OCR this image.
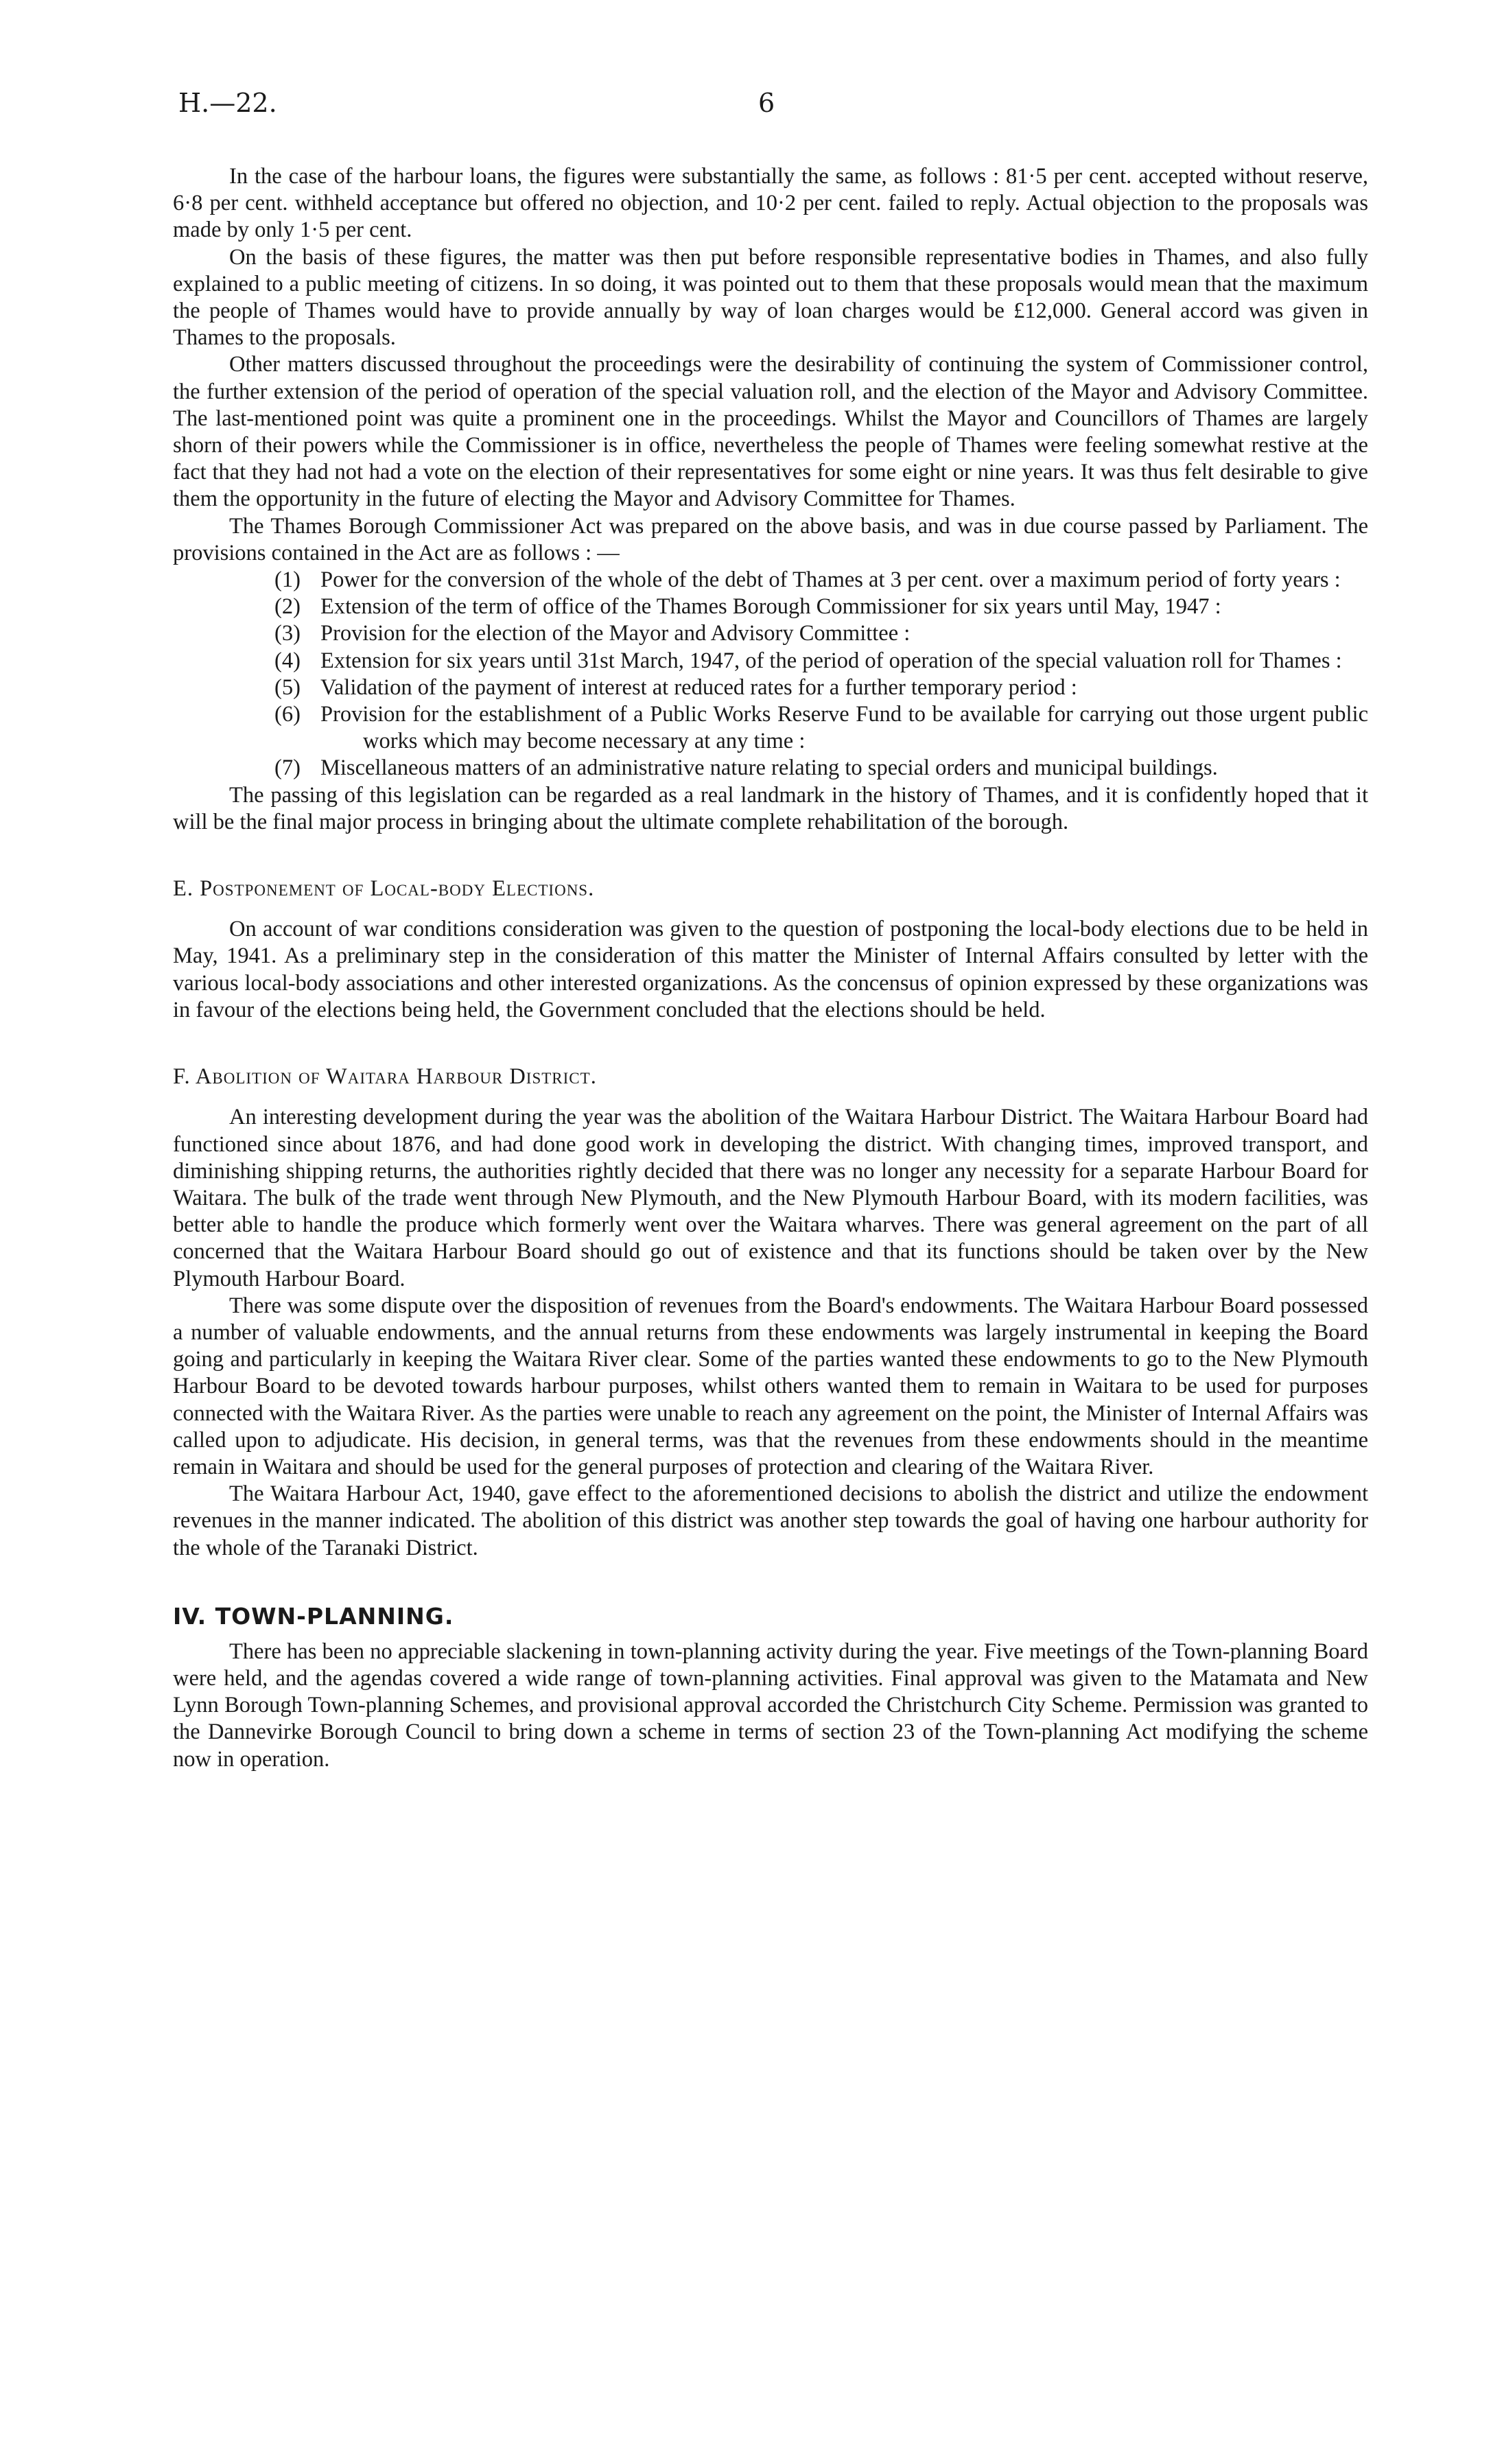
H.—22.	6

In the case of the harbour loans, the figures were substantially the same, as follows : 81·5 per cent. accepted without reserve, 6·8 per cent. withheld acceptance but offered no objection, and 10·2 per cent. failed to reply. Actual objection to the proposals was made by only 1·5 per cent.

On the basis of these figures, the matter was then put before responsible representative bodies in Thames, and also fully explained to a public meeting of citizens. In so doing, it was pointed out to them that these proposals would mean that the maximum the people of Thames would have to provide annually by way of loan charges would be £12,000. General accord was given in Thames to the proposals.

Other matters discussed throughout the proceedings were the desirability of continuing the system of Commissioner control, the further extension of the period of operation of the special valuation roll, and the election of the Mayor and Advisory Committee. The last-mentioned point was quite a prominent one in the proceedings. Whilst the Mayor and Councillors of Thames are largely shorn of their powers while the Commissioner is in office, nevertheless the people of Thames were feeling somewhat restive at the fact that they had not had a vote on the election of their representatives for some eight or nine years. It was thus felt desirable to give them the opportunity in the future of electing the Mayor and Advisory Committee for Thames.

The Thames Borough Commissioner Act was prepared on the above basis, and was in due course passed by Parliament. The provisions contained in the Act are as follows : —

(1) Power for the conversion of the whole of the debt of Thames at 3 per cent. over a maximum period of forty years :
(2) Extension of the term of office of the Thames Borough Commissioner for six years until May, 1947 :
(3) Provision for the election of the Mayor and Advisory Committee :
(4) Extension for six years until 31st March, 1947, of the period of operation of the special valuation roll for Thames :
(5) Validation of the payment of interest at reduced rates for a further temporary period :
(6) Provision for the establishment of a Public Works Reserve Fund to be available for carrying out those urgent public works which may become necessary at any time :
(7) Miscellaneous matters of an administrative nature relating to special orders and municipal buildings.

The passing of this legislation can be regarded as a real landmark in the history of Thames, and it is confidently hoped that it will be the final major process in bringing about the ultimate complete rehabilitation of the borough.

E. Postponement of Local-body Elections.

On account of war conditions consideration was given to the question of postponing the local-body elections due to be held in May, 1941. As a preliminary step in the consideration of this matter the Minister of Internal Affairs consulted by letter with the various local-body associations and other interested organizations. As the concensus of opinion expressed by these organizations was in favour of the elections being held, the Government concluded that the elections should be held.

F. Abolition of Waitara Harbour District.

An interesting development during the year was the abolition of the Waitara Harbour District. The Waitara Harbour Board had functioned since about 1876, and had done good work in developing the district. With changing times, improved transport, and diminishing shipping returns, the authorities rightly decided that there was no longer any necessity for a separate Harbour Board for Waitara. The bulk of the trade went through New Plymouth, and the New Plymouth Harbour Board, with its modern facilities, was better able to handle the produce which formerly went over the Waitara wharves. There was general agreement on the part of all concerned that the Waitara Harbour Board should go out of existence and that its functions should be taken over by the New Plymouth Harbour Board.

There was some dispute over the disposition of revenues from the Board's endowments. The Waitara Harbour Board possessed a number of valuable endowments, and the annual returns from these endowments was largely instrumental in keeping the Board going and particularly in keeping the Waitara River clear. Some of the parties wanted these endowments to go to the New Plymouth Harbour Board to be devoted towards harbour purposes, whilst others wanted them to remain in Waitara to be used for purposes connected with the Waitara River. As the parties were unable to reach any agreement on the point, the Minister of Internal Affairs was called upon to adjudicate. His decision, in general terms, was that the revenues from these endowments should in the meantime remain in Waitara and should be used for the general purposes of protection and clearing of the Waitara River.

The Waitara Harbour Act, 1940, gave effect to the aforementioned decisions to abolish the district and utilize the endowment revenues in the manner indicated. The abolition of this district was another step towards the goal of having one harbour authority for the whole of the Taranaki District.

IV. TOWN-PLANNING.

There has been no appreciable slackening in town-planning activity during the year. Five meetings of the Town-planning Board were held, and the agendas covered a wide range of town-planning activities. Final approval was given to the Matamata and New Lynn Borough Town-planning Schemes, and provisional approval accorded the Christchurch City Scheme. Permission was granted to the Dannevirke Borough Council to bring down a scheme in terms of section 23 of the Town-planning Act modifying the scheme now in operation.
